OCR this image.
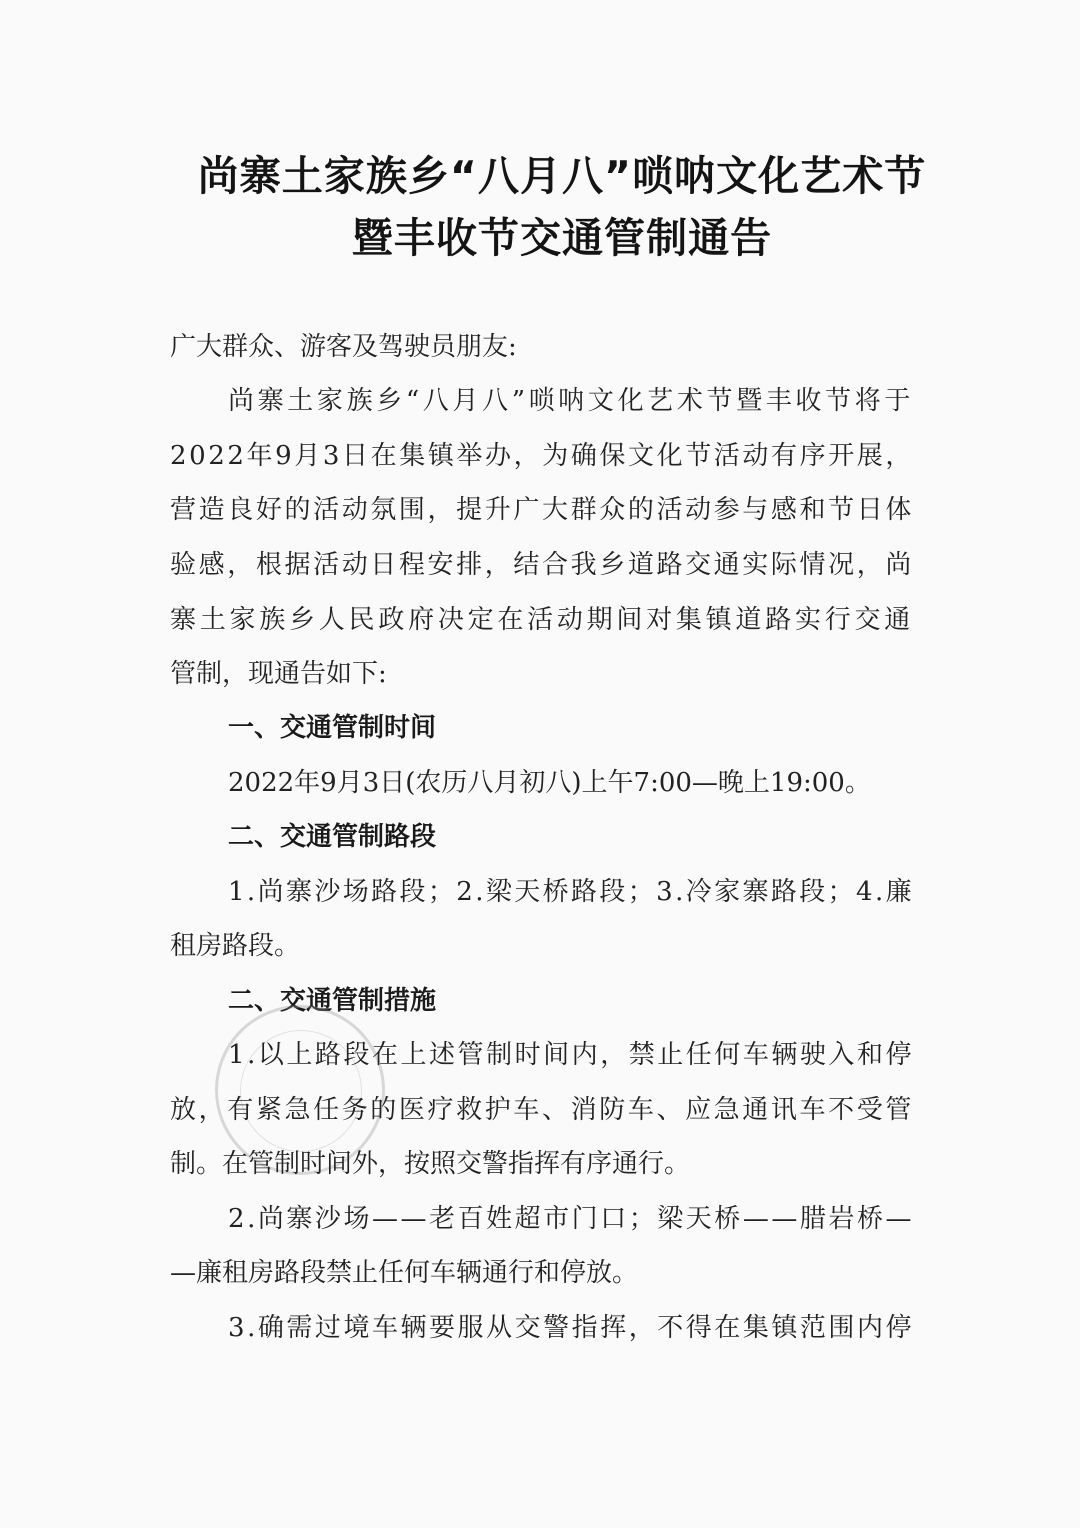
尚寨土家族乡“八月八”唢呐文化艺术节
暨丰收节交通管制通告
广大群众、游客及驾驶员朋友:
尚寨土家族乡“八月八”唢呐文化艺术节暨丰收节将于
2022年9月3日在集镇举办，为确保文化节活动有序开展，
营造良好的活动氛围，提升广大群众的活动参与感和节日体
验感，根据活动日程安排，结合我乡道路交通实际情况，尚
寨土家族乡人民政府决定在活动期间对集镇道路实行交通
管制，现通告如下:
一、交通管制时间
2022年9月3日(农历八月初八)上午7:00—晚上19:00。
二、交通管制路段
1.尚寨沙场路段；2.梁天桥路段；3.冷家寨路段；4.廉
租房路段。
二、交通管制措施
1.以上路段在上述管制时间内，禁止任何车辆驶入和停
放，有紧急任务的医疗救护车、消防车、应急通讯车不受管
制。在管制时间外，按照交警指挥有序通行。
2.尚寨沙场——老百姓超市门口；梁天桥——腊岩桥—
—廉租房路段禁止任何车辆通行和停放。
3.确需过境车辆要服从交警指挥，不得在集镇范围内停
